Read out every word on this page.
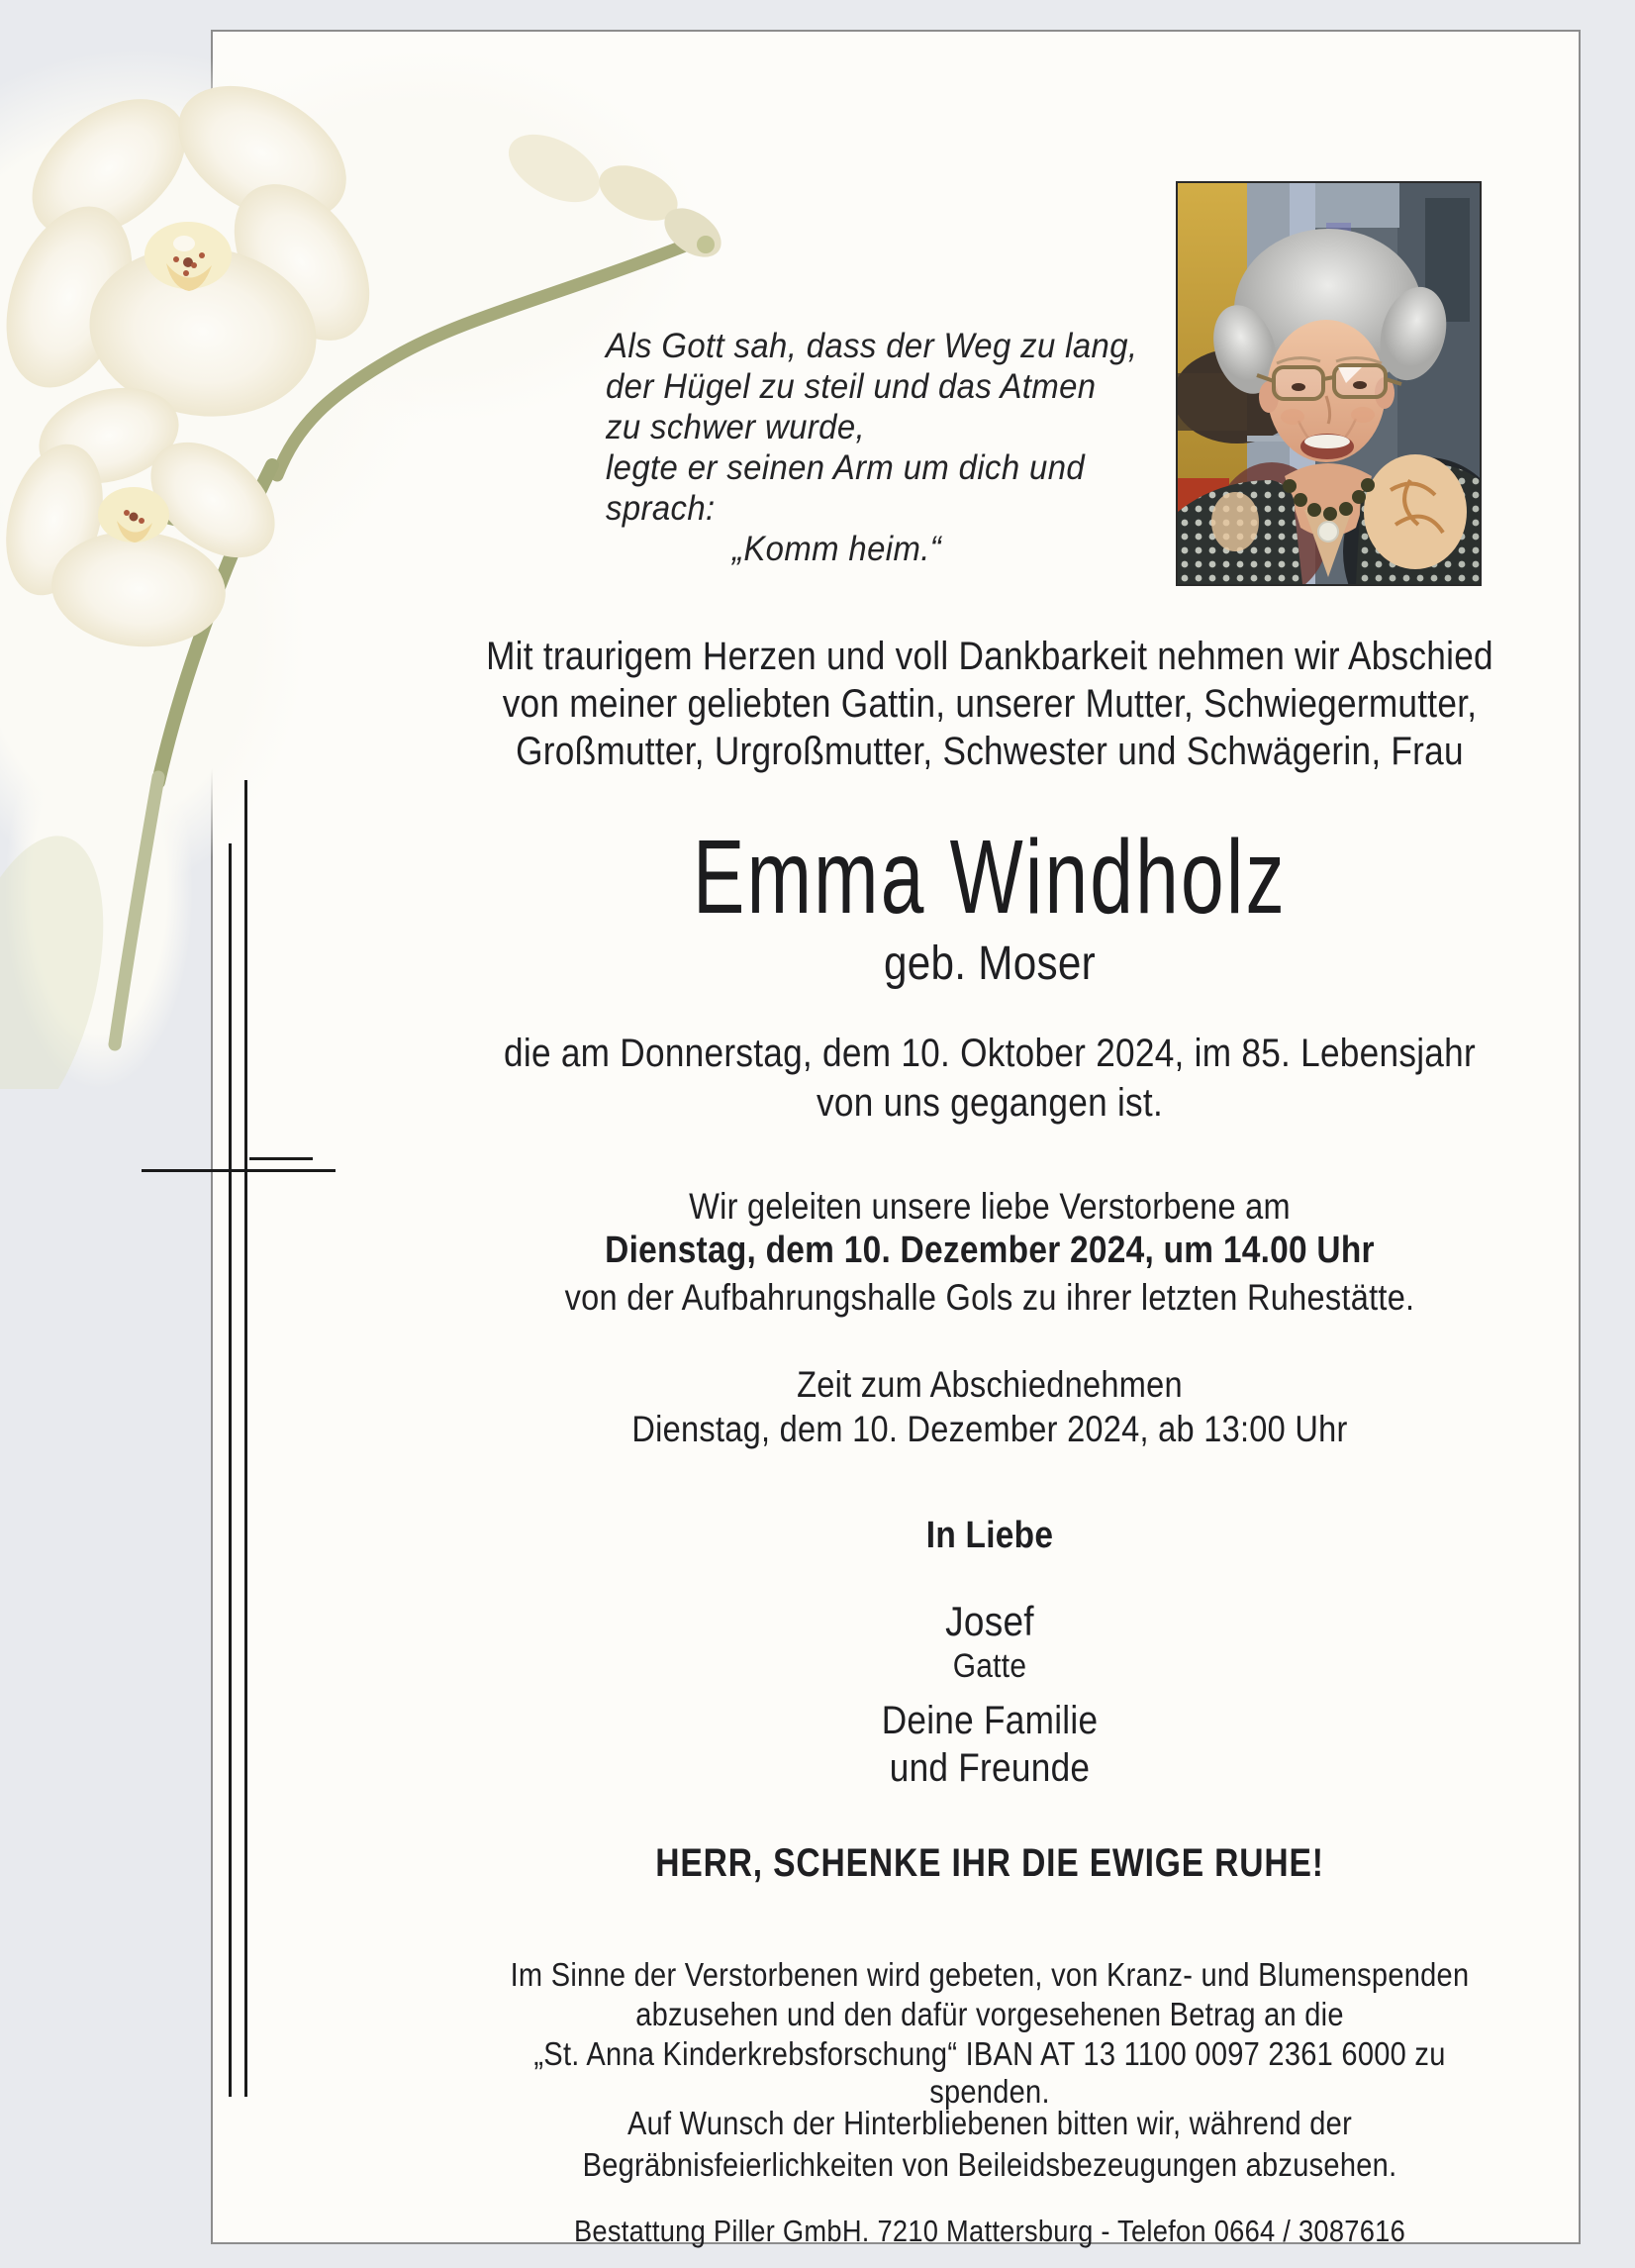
Als Gott sah, dass der Weg zu lang,
der Hügel zu steil und das Atmen
zu schwer wurde,
legte er seinen Arm um dich und
sprach:
„Komm heim.“
Mit traurigem Herzen und voll Dankbarkeit nehmen wir Abschied
von meiner geliebten Gattin, unserer Mutter, Schwiegermutter,
Großmutter, Urgroßmutter, Schwester und Schwägerin, Frau
Emma Windholz
geb. Moser
die am Donnerstag, dem 10. Oktober 2024, im 85. Lebensjahr
von uns gegangen ist.
Wir geleiten unsere liebe Verstorbene am
Dienstag, dem 10. Dezember 2024, um 14.00 Uhr
von der Aufbahrungshalle Gols zu ihrer letzten Ruhestätte.
Zeit zum Abschiednehmen
Dienstag, dem 10. Dezember 2024, ab 13:00 Uhr
In Liebe
Josef
Gatte
Deine Familie
und Freunde
HERR, SCHENKE IHR DIE EWIGE RUHE!
Im Sinne der Verstorbenen wird gebeten, von Kranz- und Blumenspenden
abzusehen und den dafür vorgesehenen Betrag an die
„St. Anna Kinderkrebsforschung“ IBAN AT 13 1100 0097 2361 6000 zu spenden.
Auf Wunsch der Hinterbliebenen bitten wir, während der
Begräbnisfeierlichkeiten von Beileidsbezeugungen abzusehen.
Bestattung Piller GmbH. 7210 Mattersburg - Telefon 0664 / 3087616
